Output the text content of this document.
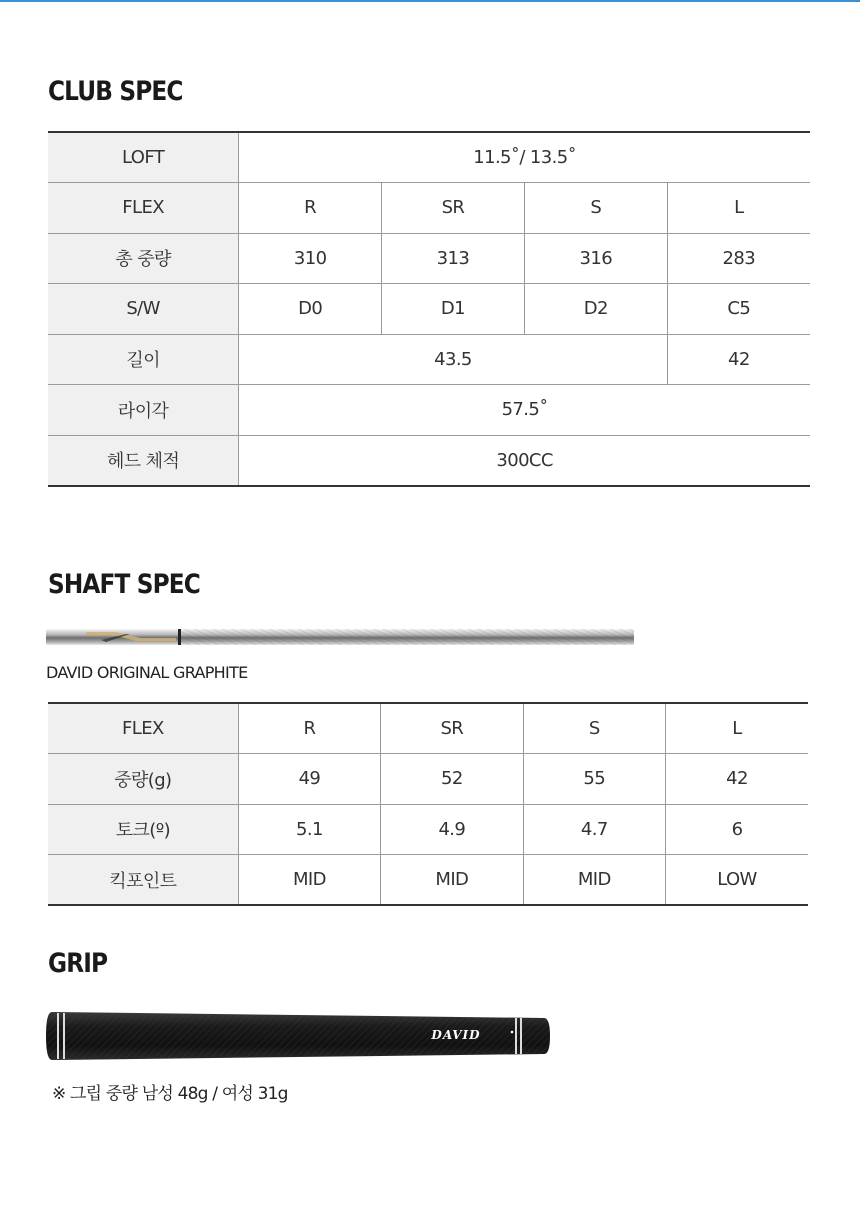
CLUB SPEC
LOFT	11.5˚/ 13.5˚			
FLEX	R	SR	S	L
총 중량	310	313	316	283
S/W	D0	D1	D2	C5
길이	43.5			42
라이각	57.5˚			
헤드 체적	300CC			
SHAFT SPEC
DAVID ORIGINAL GRAPHITE
FLEX	R	SR	S	L
중량(g)	49	52	55	42
토크(º)	5.1	4.9	4.7	6
킥포인트	MID	MID	MID	LOW
GRIP
DAVID
※ 그립 중량 남성 48g / 여성 31g
